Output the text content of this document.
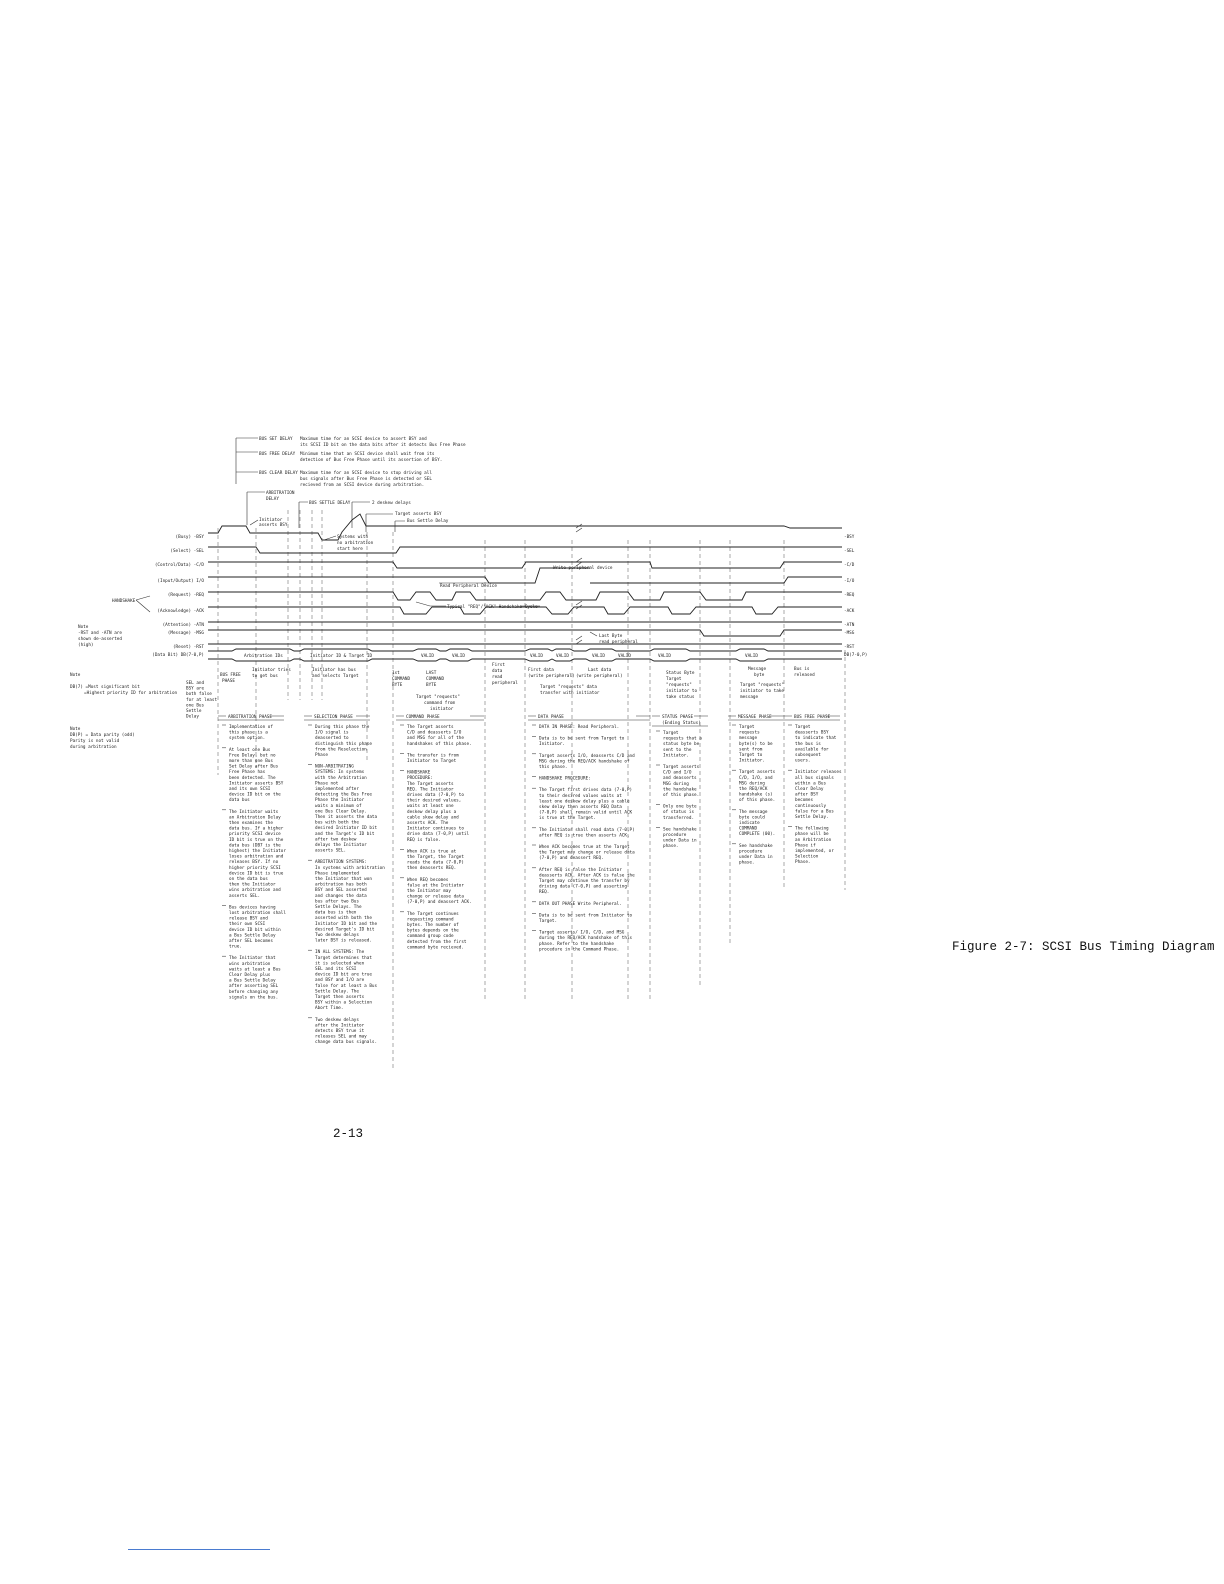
BUS SET DELAY Maximum time for an SCSI device to assert BSY and
its SCSI ID bit on the data bits after it detects Bus Free Phase
BUS FREE DELAY Minimum time that an SCSI device shall wait from its
detection of Bus Free Phase until its assertion of BSY.
BUS CLEAR DELAY Maximum time for an SCSI device to stop driving all
bus signals after Bus Free Phase is detected or SEL
recieved from an SCSI device during arbitration.
ARBITRATION
DELAY
BUS SETTLE DELAY	2 deskew delays
Target asserts BSY
Bus Settle Delay
Initiator
asserts BSY
Systems with
no arbitration
start here
(Busy) -BSY
(Select) -SEL
(Control/Data) -C/D
(Input/Output) I/O
(Request) -REQ
(Acknowledge) -ACK
(Attention) -ATN
(Message) -MSG
(Reset) -RST
(Data Bit) DB(7-0,P)
HANDSHAKE
-BSY
-SEL
-C/D
-I/O
-REQ
-ACK
-ATN
-MSG
-RST
DB(7-0,P)
Write peripheral device
Read Peripheral Device
Typical "REQ"/"ACK" Handshake Cycle
Last Byte
read peripheral
Arbitration IDs	Initiator ID & Target ID	VALID	VALID	VALID	VALID	VALID	VALID	VALID	VALID
Note
-RST and -ATN are
shown de-asserted
(high)
Note
DB(7) =Most significant bit
=Highest priority ID for arbitration
Note
DB(P) = Data parity (odd)
Parity is not valid
during arbitration
BUS FREE
PHASE
Initiator tries
to get bus
Initiator has bus
and selects Target
1st
COMMAND
BYTE
LAST
COMMAND
BYTE
Target "requests"
command from
initiator
First
data
read
peripheral
First data
(write peripheral)
Last data
(write peripheral)
Target "requests" data
transfer with initiator
Status Byte
Target
"requests"
initiator to
take status
Message
byte
Target "requests"
initiator to take
message
Bus is
released
ARBITRATION PHASE
Implementation of
this phase is a
system option.
At least one Bus
Free Delay, but no
more than one Bus
Set Delay after Bus
Free Phase has
been detected. The
Initiator asserts BSY
and its own SCSI
device ID bit on the
data bus
The Initiator waits
an Arbitration Delay
then examines the
data bus. If a higher
priority SCSI device
ID bit is true on the
data bus (DB7 is the
highest) the Initiator
loses arbitration and
releases BSY. If no
higher priority SCSI
device ID bit is true
on the data bus
then the Initiator
wins arbitration and
asserts SEL.
Bus devices having
lost arbitration shall
release BSY and
their own SCSI
device ID bit within
a Bus Settle Delay
after SEL becomes
true.
The Initiator that
wins arbitration
waits at least a Bus
Clear Delay plus
a Bus Settle Delay
after asserting SEL
before changing any
signals on the bus.
SELECTION PHASE
During this phase the
I/O signal is
deasserted to
distinguish this phase
from the Reselection
Phase
NON-ARBITRATING
SYSTEMS: In systems
with the Arbitration
Phase not
implemented after
detecting the Bus Free
Phase the Initiator
waits a minimum of
one Bus Clear Delay.
Then it asserts the data
bus with both the
desired Initiator ID bit
and the Target's ID bit
after two deskew
delays the Initiator
asserts SEL.
ARBITRATION SYSTEMS:
In systems with arbitration
Phase implemented
the Initiator that won
arbitration has both
BSY and SEL asserted
and changes the data
bus after two Bus
Settle Delays. The
data bus is then
asserted with both the
Initiator ID bit and the
desired Target's ID bit
Two deskew delays
later BSY is released.
IN ALL SYSTEMS: The
Target determines that
it is selected when
SEL and its SCSI
device ID bit are true
and BSY and I/O are
false for at least a Bus
Settle Delay. The
Target then asserts
BSY within a Selection
Abort Time.
Two deskew delays
after the Initiator
detects BSY true it
releases SEL and may
change data bus signals.
COMMAND PHASE
The Target asserts
C/D and deasserts I/O
and MSG for all of the
handshakes of this phase.
The transfer is from
Initiator to Target
HANDSHAKE
PROCEDURE:
The Target asserts
REQ. The Initiator
drives data (7-0,P) to
their desired values,
waits at least one
deskew delay plus a
cable skew delay and
asserts ACK. The
Initiator continues to
drive data (7-0,P) until
REQ is false.
When ACK is true at
the Target, the Target
reads the data (7-0,P)
then deasserts REQ.
When REQ becomes
false at the Initiator
the Initiator may
change or release data
(7-0,P) and deassert ACK.
The Target continues
requesting command
bytes. The number of
bytes depends on the
command group code
detected from the first
command byte recieved.
DATA PHASE
DATA IN PHASE: Read Peripheral.
Data is to be sent from Target to
Initiator.
Target asserts I/O, deasserts C/D and
MSG during the REQ/ACK handshake of
this phase.
HANDSHAKE PROCEDURE:
The Target first drives data (7-0,P)
to their desired values waits at
least one deskew delay plus a cable
skew delay then asserts REQ Data
(7-0,P) shall remain valid until ACK
is true at the Target.
The Initiator shall read data (7-0,P)
after REQ is true then asserts ACK.
When ACK becomes true at the Target
the Target may change or release data
(7-0,P) and deassert REQ.
After REQ is false the Initiator
deasserts ACK. After ACK is false the
Target may continue the transfer by
driving data (7-0,P) and asserting
REQ.
DATA OUT PHASE Write Peripheral.
Data is to be sent from Initiator to
Target.
Target asserts/ I/O, C/D, and MSG
during the REQ/ACK handshake of this
phase. Refer to the handshake
procedure in the Command Phase.
STATUS PHASE
(Ending Status)
Target
requests that a
status byte be
sent to the
Initiator.
Target asserts
C/D and I/O
and deasserts
MSG during
the handshake
of this phase.
Only one byte
of status is
transferred.
See handshake
procedure
under Data in
phase.
MESSAGE PHASE
Target
requests
message
byte(s) to be
sent from
Target to
Initiator.
Target asserts
C/D, I/O, and
MSG during
the REQ/ACK
handshake (s)
of this phase.
The message
byte could
indicate
COMMAND
COMPLETE (00).
See handshake
procedure
under Data in
phase.
BUS FREE PHASE
Target
deasserts BSY
to indicate that
the bus is
available for
subsequent
users.
Initiator releases
all bus signals
within a Bus
Clear Delay
after BSY
becomes
continuously
false for a Bus
Settle Delay.
The following
phase will be
an Arbitration
Phase if
implemented, or
Selection
Phase.
SEL and
BSY are
both false
for at least
one Bus
Settle
Delay
Figure 2-7: SCSI Bus Timing Diagram
2-13
